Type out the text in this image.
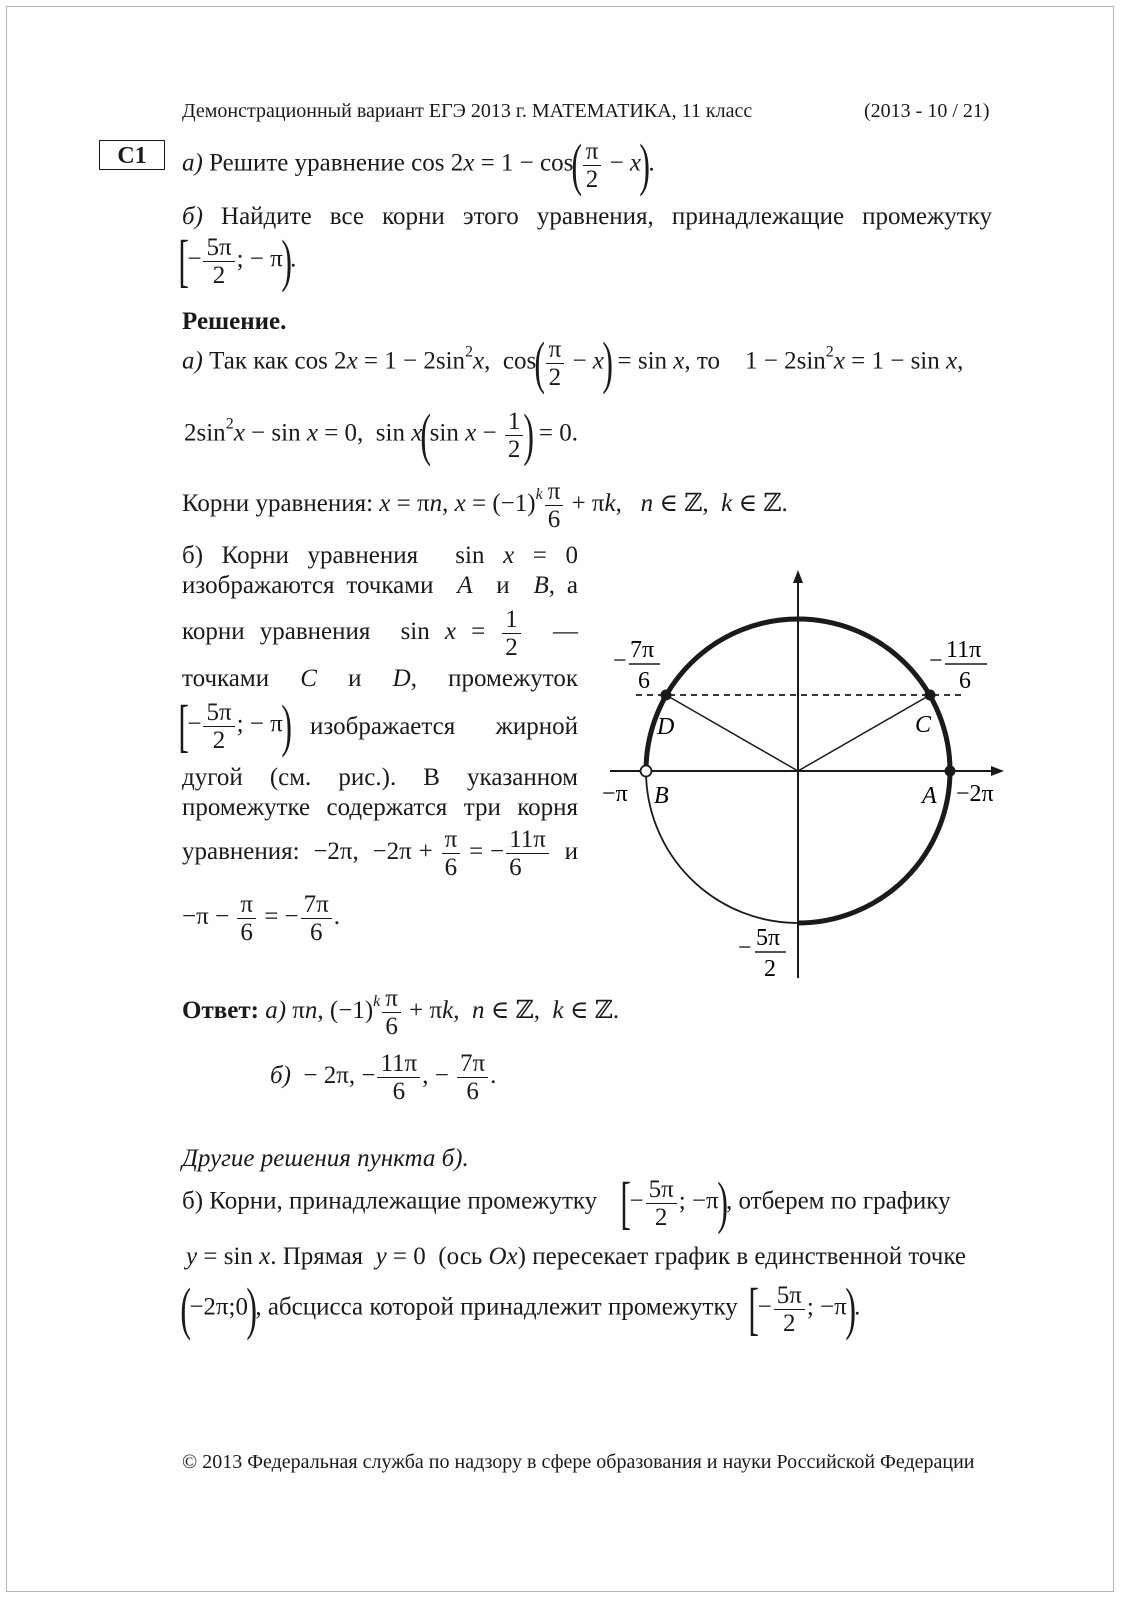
Демонстрационный вариант ЕГЭ 2013 г. МАТЕМАТИКА, 11 класс	(2013 - 10 / 21)
C1	а) Решите уравнение $\cos 2x = 1 - \cos( \frac{\pi}{2} - x)$.
б) Найдите все корни этого уравнения, принадлежащие промежутку
[− $\frac{5\pi}{2}$ ; − π).
Решение.
а) Так как $\cos 2x = 1 - 2\sin^2x$,  $\cos( \frac{\pi}{2} - x) = \sin x$, то    $1 - 2\sin^2x = 1 - \sin x$,
$2\sin^2x - \sin x = 0$,  sin x(sin $x - \frac{1}{2}$ ) = 0.
Корни уравнения: x = πn, $x = (-1)^k \frac{\pi}{6} + \pi k$,   n ∈ ℤ,  k ∈ ℤ.
б) Корни уравнения  sin x = 0
изображаются точками A  и  B, а
корни уравнения  $\sin x = \frac{1}{2}$ —
точками C и D, промежуток
[− $\frac{5\pi}{2}$ ; − π) изображается жирной
дугой (см. рис.). В указанном
промежутке содержатся три корня
уравнения:  −2π,  $-2\pi + \frac{\pi}{6}$ = − $\frac{11\pi}{6}$ и
$-\pi - \frac{\pi}{6}$ = − $\frac{7\pi}{6}$ .
D	C
B	A
−π	−2π
− 7π
6
− 11π
6
− 5π
2
Ответ: а) πn, $(-1)^k \frac{\pi}{6} + \pi k$,  n ∈ ℤ,  k ∈ ℤ.
б)  − 2π, − $\frac{11\pi}{6}$ , − $\frac{7\pi}{6}$ .
Другие решения пункта б).
б) Корни, принадлежащие промежутку [− $\frac{5\pi}{2}$ ; −π), отберем по графику
y = sin x. Прямая y = 0  (ось Ox) пересекает график в единственной точке
(−2π;0), абсцисса которой принадлежит промежутку [− $\frac{5\pi}{2}$ ; −π).
© 2013 Федеральная служба по надзору в сфере образования и науки Российской Федерации
